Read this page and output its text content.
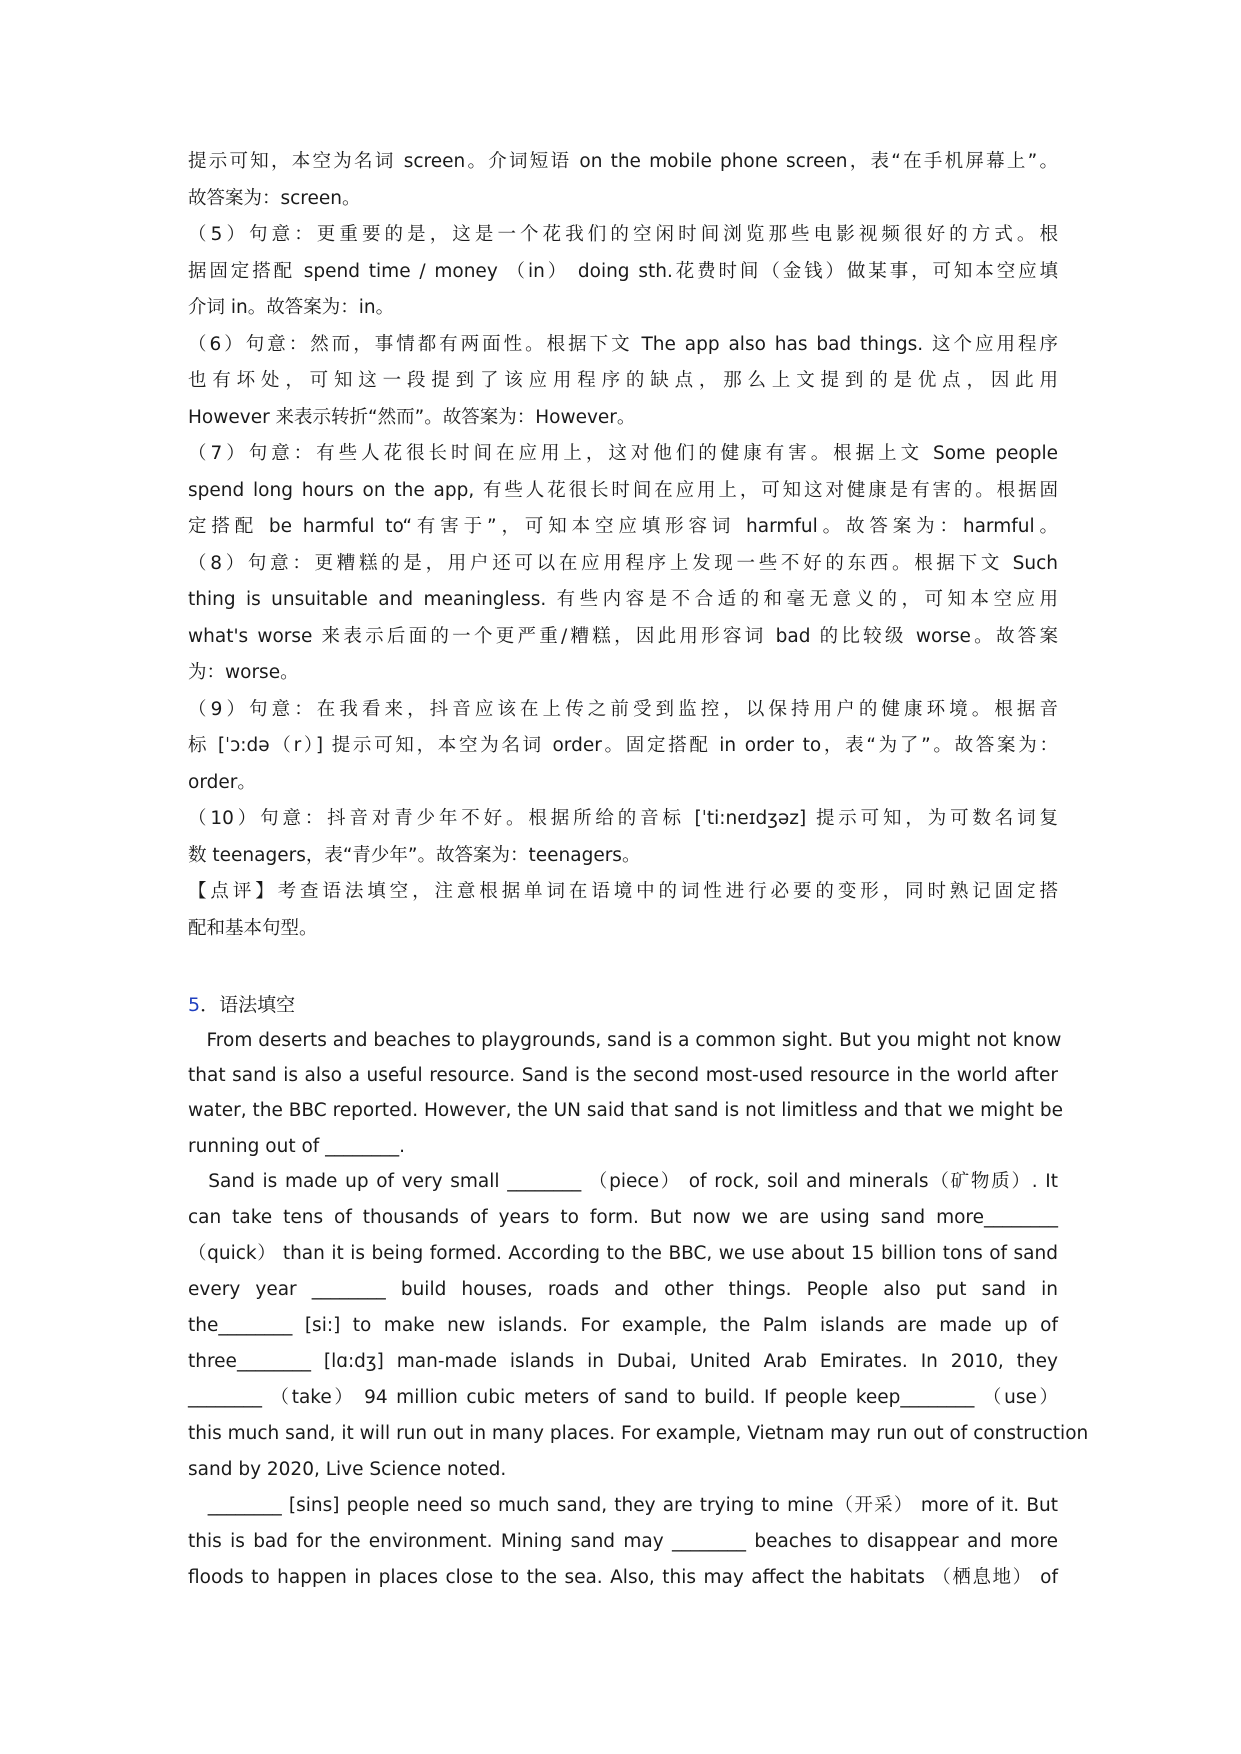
提示可知，本空为名词 screen。介词短语 on the mobile phone screen，表“在手机屏幕上”。
故答案为：screen。
（5）句意：更重要的是，这是一个花我们的空闲时间浏览那些电影视频很好的方式。根
据固定搭配 spend time / money （in） doing sth.花费时间（金钱）做某事，可知本空应填
介词 in。故答案为：in。
（6）句意：然而，事情都有两面性。根据下文 The app also has bad things. 这个应用程序
也有坏处，可知这一段提到了该应用程序的缺点，那么上文提到的是优点，因此用
However 来表示转折“然而”。故答案为：However。
（7）句意：有些人花很长时间在应用上，这对他们的健康有害。根据上文 Some people
spend long hours on the app, 有些人花很长时间在应用上，可知这对健康是有害的。根据固
定搭配 be harmful to“有害于”，可知本空应填形容词 harmful。故答案为：harmful。
（8）句意：更糟糕的是，用户还可以在应用程序上发现一些不好的东西。根据下文 Such
thing is unsuitable and meaningless. 有些内容是不合适的和毫无意义的，可知本空应用
what's worse 来表示后面的一个更严重/糟糕，因此用形容词 bad 的比较级 worse。故答案
为：worse。
（9）句意：在我看来，抖音应该在上传之前受到监控，以保持用户的健康环境。根据音
标 [ˈɔ:də（r）] 提示可知，本空为名词 order。固定搭配 in order to，表“为了”。故答案为：
order。
（10）句意：抖音对青少年不好。根据所给的音标 [ˈti:neɪdʒəz] 提示可知，为可数名词复
数 teenagers，表“青少年”。故答案为：teenagers。
【点评】考查语法填空，注意根据单词在语境中的词性进行必要的变形，同时熟记固定搭
配和基本句型。
5．语法填空
　From deserts and beaches to playgrounds, sand is a common sight. But you might not know
that sand is also a useful resource. Sand is the second most-used resource in the world after
water, the BBC reported. However, the UN said that sand is not limitless and that we might be
running out of ________.
　Sand is made up of very small ________ （piece） of rock, soil and minerals（矿物质）. It
can take tens of thousands of years to form. But now we are using sand more________
（quick） than it is being formed. According to the BBC, we use about 15 billion tons of sand
every year ________ build houses, roads and other things. People also put sand in
the________ [si:] to make new islands. For example, the Palm islands are made up of
three________ [lɑ:dʒ] man-made islands in Dubai, United Arab Emirates. In 2010, they
________ （take） 94 million cubic meters of sand to build. If people keep________ （use）
this much sand, it will run out in many places. For example, Vietnam may run out of construction
sand by 2020, Live Science noted.
　________ [sins] people need so much sand, they are trying to mine（开采） more of it. But
this is bad for the environment. Mining sand may ________ beaches to disappear and more
floods to happen in places close to the sea. Also, this may affect the habitats （栖息地） of
